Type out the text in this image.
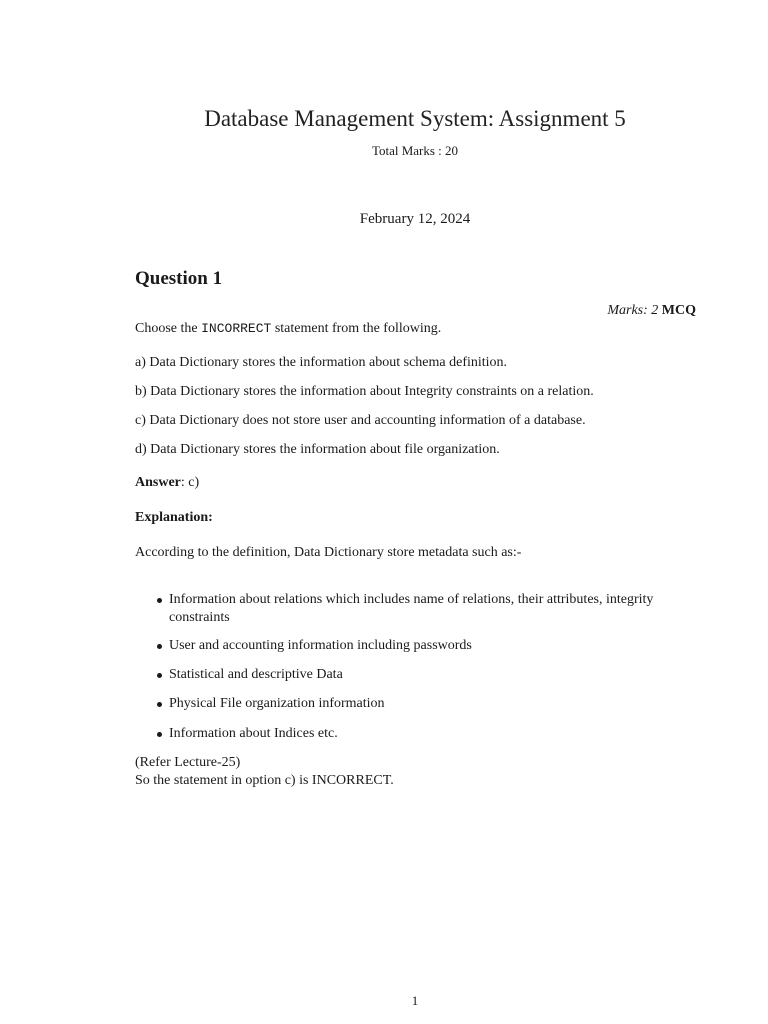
Database Management System: Assignment 5
Total Marks : 20
February 12, 2024
Question 1
Marks: 2 MCQ
Choose the INCORRECT statement from the following.
a) Data Dictionary stores the information about schema definition.
b) Data Dictionary stores the information about Integrity constraints on a relation.
c) Data Dictionary does not store user and accounting information of a database.
d) Data Dictionary stores the information about file organization.
Answer: c)
Explanation:
According to the definition, Data Dictionary store metadata such as:-
Information about relations which includes name of relations, their attributes, integrity
constraints
User and accounting information including passwords
Statistical and descriptive Data
Physical File organization information
Information about Indices etc.
(Refer Lecture-25)
So the statement in option c) is INCORRECT.
1
